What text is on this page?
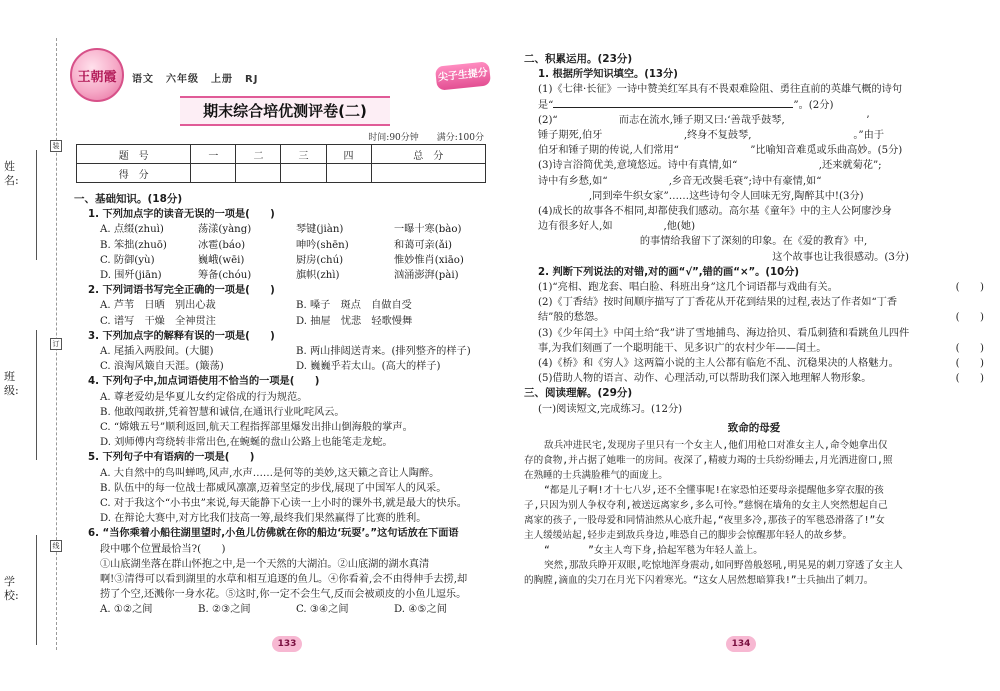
姓　名:
班　级:
学　校:
装
订
线
王朝霞 语文 六年级 上册 RJ	尖子生提分
期末综合培优测评卷(二)
时间:90分钟　　满分:100分
题　号	一	二	三	四	总　分
得　分					
一、基础知识。(18分)
1. 下列加点字的读音无误的一项是(　　)
A. 点缀(zhuì)	荡漾(yàng)	琴键(jiàn)	一曝十寒(bào)
B. 笨拙(zhuō)	冰雹(báo)	呻吟(shēn)	和蔼可亲(ǎi)
C. 防御(yù)	巍峨(wēi)	厨房(chú)	惟妙惟肖(xiāo)
D. 围歼(jiān)	筹备(chóu)	旗帜(zhì)	汹涌澎湃(pài)
2. 下列词语书写完全正确的一项是(　　)
A. 芦苇　日晒　别出心裁	B. 嗓子　斑点　自做自受
C. 谱写　干燥　全神贯注	D. 抽屉　忧悲　轻歌慢舞
3. 下列加点字的解释有误的一项是(　　)
A. 尾插入两股间。(大腿)	B. 两山排闼送青来。(排列整齐的样子)
C. 浪淘风簸自天涯。(簸荡)	D. 巍巍乎若太山。(高大的样子)
4. 下列句子中,加点词语使用不恰当的一项是(　　)
A. 尊老爱幼是华夏儿女约定俗成的行为规范。
B. 他敢闯敢拼,凭着智慧和诚信,在通讯行业叱咤风云。
C. “嫦娥五号”顺利返回,航天工程指挥部里爆发出排山倒海般的掌声。
D. 刘师傅内弯绕转非常出色,在蜿蜒的盘山公路上也能笔走龙蛇。
5. 下列句子中有语病的一项是(　　)
A. 大自然中的鸟叫蝉鸣,风声,水声……是何等的美妙,这天籁之音让人陶醉。
B. 队伍中的每一位战士都威风凛凛,迈着坚定的步伐,展现了中国军人的风采。
C. 对于我这个“小书虫”来说,每天能静下心读一上小时的课外书,就是最大的快乐。
D. 在辩论大赛中,对方比我们技高一筹,最终我们果然赢得了比赛的胜利。
6. “当你乘着小船往湖里望时,小鱼儿仿佛就在你的船边‘玩耍’。”这句话放在下面语
段中哪个位置最恰当?(　　)
①山底湖坐落在群山怀抱之中,是一个天然的大湖泊。②山底湖的湖水真清
啊!③清得可以看到湖里的水草和相互追逐的鱼儿。④你看着,会不由得伸手去捞,却
捞了个空,还溅你一身水花。⑤这时,你一定不会生气,反而会被顽皮的小鱼儿逗乐。
A. ①②之间	B. ②③之间	C. ③④之间	D. ④⑤之间
133
二、积累运用。(23分)
1. 根据所学知识填空。(13分)
(1)《七律·长征》一诗中赞美红军具有不畏艰难险阻、勇往直前的英雄气概的诗句
是“	”。(2分)
(2)“　　　　　　而志在流水,锤子期又曰:‘善哉乎鼓琴,　　　　　　　　’
锤子期死,伯牙　　　　　　　　,终身不复鼓琴,　　　　　　　　　　。”由于
伯牙和锤子期的传说,人们常用“　　　　　　　”比喻知音难觅或乐曲高妙。(5分)
(3)诗言浴简优美,意境悠远。诗中有真情,如“　　　　　　　　,还来就菊花”;
诗中有乡愁,如“　　　　　　,乡音无改鬓毛衰”;诗中有豪情,如“
　　　　　,同到牵牛织女家”……这些诗句令人回味无穷,陶醉其中!(3分)
(4)成长的故事各不相同,却都使我们感动。高尔基《童年》中的主人公阿廖沙身
边有很多好人,如　　　　　,他(她)
　　　　　　　　　　的事情给我留下了深刻的印象。在《爱的教育》中,
　　　　　　　　　　　　　　　　　　　　　　　这个故事也让我很感动。(3分)
2. 判断下列说法的对错,对的画“√”,错的画“×”。(10分)
(1)“亮相、跑龙套、唱白脸、科班出身”这几个词语都与戏曲有关。	(　　)
(2)《丁香结》按时间顺序描写了丁香花从开花到结果的过程,表达了作者如“丁香
结”般的愁怨。	(　　)
(3)《少年闰土》中闰土给“我”讲了雪地捕鸟、海边拾贝、看瓜刺猹和看跳鱼儿四件
事,为我们刻画了一个聪明能干、见多识广的农村少年——闰土。	(　　)
(4)《桥》和《穷人》这两篇小说的主人公都有临危不乱、沉稳果决的人格魅力。	(　　)
(5)借助人物的语言、动作、心理活动,可以帮助我们深入地理解人物形象。	(　　)
三、阅读理解。(29分)
(一)阅读短文,完成练习。(12分)
致命的母爱

敌兵冲进民宅,发现房子里只有一个女主人,他们用枪口对准女主人,命令她拿出仅

存的食物,并占据了她唯一的房间。夜深了,精疲力竭的士兵纷纷睡去,月光洒进窗口,照
在熟睡的士兵满脸稚气的面庞上。

“都是儿子啊!才十七八岁,还不全懂事呢!在家恐怕还要母亲提醒他多穿衣服的孩

子,只因为别人争权夺利,被送远离家乡,多么可怜。”慈悯在墙角的女主人突然想起自己
离家的孩子,一股母爱和同情油然从心底升起,“夜里多冷,那孩子的军毯恐滑落了!”女
主人缓缓站起,轻步走到敌兵身边,唯恐自己的脚步会惊醒那年轻人的故乡梦。

“　　　　”女主人弯下身,拾起军毯为年轻人盖上。

突然,那敌兵睁开双眼,吃惊地浑身震动,如同野兽般怒吼,明晃晃的刺刀穿透了女主人

的胸膛,滴血的尖刀在月光下闪着寒光。“这女人居然想暗算我!”士兵抽出了刺刀。
134
